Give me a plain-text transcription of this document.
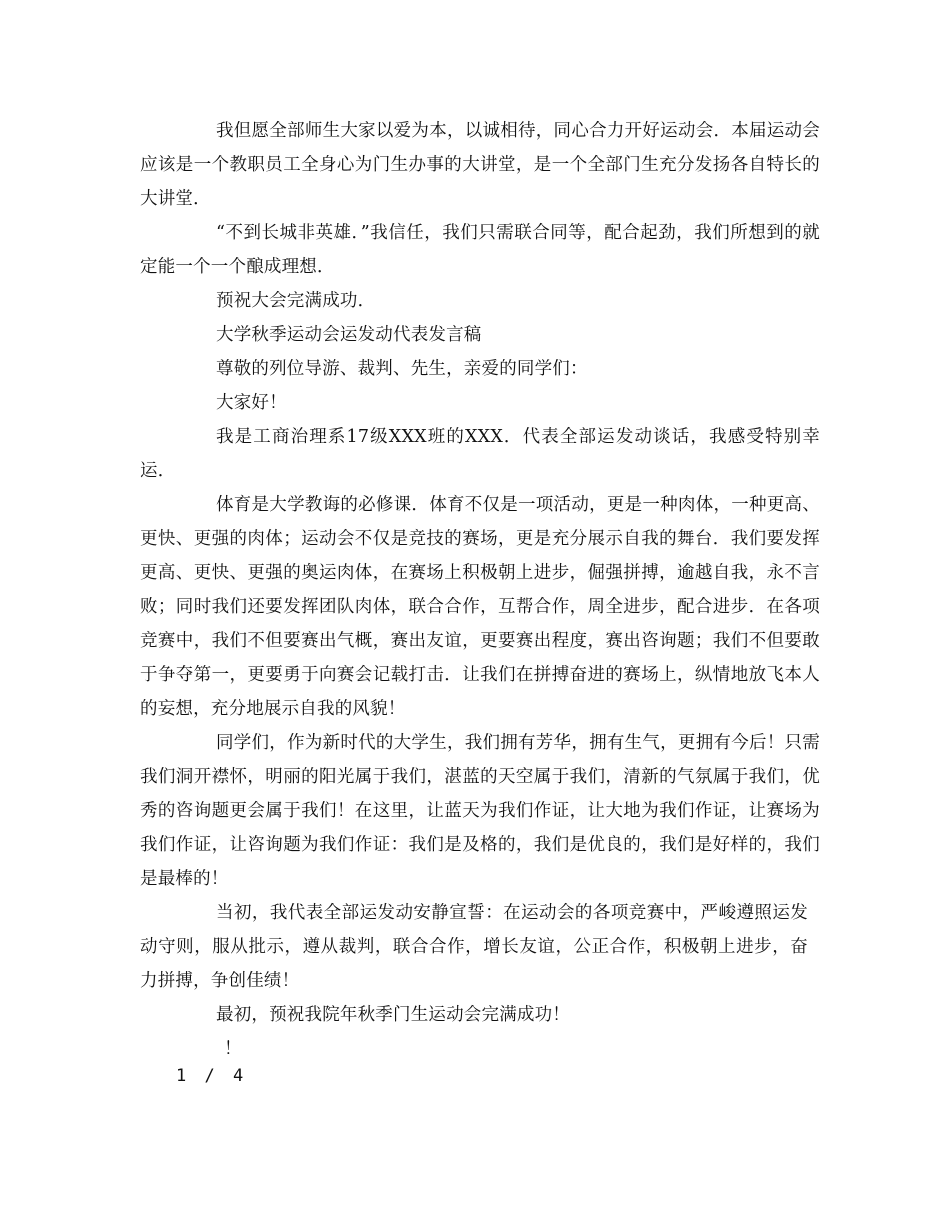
我但愿全部师生大家以爱为本，以诚相待，同心合力开好运动会．本届运动会应该是一个教职员工全身心为门生办事的大讲堂，是一个全部门生充分发扬各自特长的大讲堂．

“不到长城非英雄．”我信任，我们只需联合同等，配合起劲，我们所想到的就定能一个一个酿成理想．

预祝大会完满成功．

大学秋季运动会运发动代表发言稿

尊敬的列位导游、裁判、先生，亲爱的同学们：

大家好！

我是工商治理系17级XXX班的XXX．代表全部运发动谈话，我感受特别幸运．

体育是大学教诲的必修课．体育不仅是一项活动，更是一种肉体，一种更高、更快、更强的肉体；运动会不仅是竞技的赛场，更是充分展示自我的舞台．我们要发挥更高、更快、更强的奥运肉体，在赛场上积极朝上进步，倔强拼搏，逾越自我，永不言败；同时我们还要发挥团队肉体，联合合作，互帮合作，周全进步，配合进步．在各项竞赛中，我们不但要赛出气概，赛出友谊，更要赛出程度，赛出咨询题；我们不但要敢于争夺第一，更要勇于向赛会记载打击．让我们在拼搏奋进的赛场上，纵情地放飞本人的妄想，充分地展示自我的风貌！

同学们，作为新时代的大学生，我们拥有芳华，拥有生气，更拥有今后！只需我们洞开襟怀，明丽的阳光属于我们，湛蓝的天空属于我们，清新的气氛属于我们，优秀的咨询题更会属于我们！在这里，让蓝天为我们作证，让大地为我们作证，让赛场为我们作证，让咨询题为我们作证：我们是及格的，我们是优良的，我们是好样的，我们是最棒的！

当初，我代表全部运发动安静宣誓：在运动会的各项竞赛中，严峻遵照运发动守则，服从批示，遵从裁判，联合合作，增长友谊，公正合作，积极朝上进步，奋力拼搏，争创佳绩！

最初，预祝我院年秋季门生运动会完满成功！

！

1 / 4
